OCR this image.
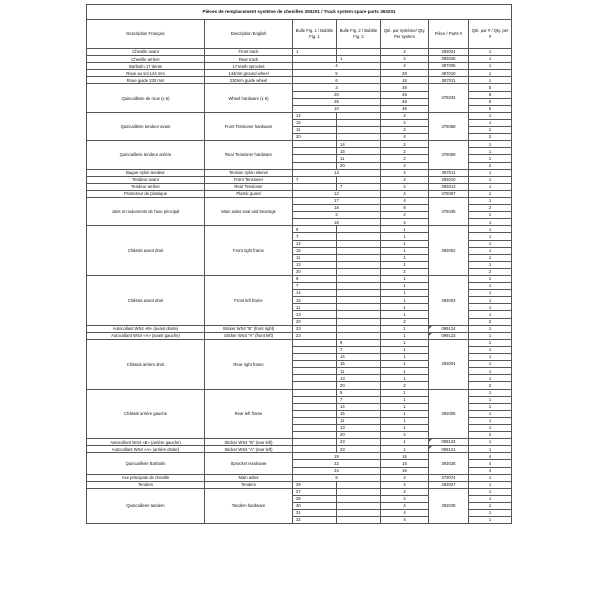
Pièces de remplacement système de chenilles 393201 / Track system spare parts 393201						
Description Français	Description English	Bulle Fig. 1 / Bubble Fig. 1	Bulle Fig. 2 / Bubble Fig. 2	Qté. par système/ Qty. Per system	Pièce / Parts #	Qté. par # / Qty. per #
Chenille avant	Front track	1		2	393024	1
Chenille arrière	Rear track		1	2	393025	1
Barbotin 17 dents	17 teeth sprocket	4		4	397006	1
Roue au sol 144 mm	144mm ground wheel	5		28	387010	1
Roue guide 230 mm	230mm guide wheel	6		16	387011	1
Quincaillerie de roue (x 5)	Wheel hardware (x 5)	3		48	375032	5
		20		48		5
		26		48		5
		10		48		5
Quincaillerie tendeur avant	Front Tensioner hardware	14		2	375068	1
		15		2		1
		11		2		1
		20		4		2
Quincaillerie tendeur arrière	Rear Tensioner hardware		14	2	375069	1
			15	2		1
			11	2		1
			20	4		2
Bague nylon tendeur	Tension nylon sleeve	13		4	397011	1
Tendeur avant	Front Tensioner	7		2	393010	1
Tendeur arrière	Rear Tensioner		7	2	393013	1
Protecteur de plastique	Plastic guard	12		4	375067	1
Joint et roulements de l'axe principal	Main axles seal and bearings	17		4	375035	1
		18		8		2
		2		4		1
		16		4		1
Châssis avant droit	Front right frame	9		1	393002	1
		7		1		1
		14		1		1
		15		1		1
		11		1		1
		13		1		1
		20		2		2
Châssis avant droit	Front left frame	9		1	393003	1
		7		1		1
		14		1		1
		15		1		1
		11		1		1
		13		1		1
		20		2		2
Autocollant WS4 «B» (avant droite)	Sticker WS4 "B" (front right)	23		1	099124	1
Autocollant WS4 «A» (avant gauche)	Sticker WS4 "A" (front left)	23		1	099123	1
Châssis arrière droit	Rear right frame		9	1	393004	1
			7	1		1
			14	1		1
			15	1		1
			11	1		1
			13	1		1
			20	2		2
Châssis arrière gauche	Rear left frame		9	1	393005	1
			7	1		1
			14	1		1
			15	1		1
			11	1		1
			13	1		1
			20	2		2
Autocollant WS4 «B» (arrière gauche)	Sticker WS4 "B" (rear left)		23	1	099122	1
Autocollant WS4 «A» (arrière droite)	Sticker WS4 "A" (rear left)		23	1	099121	1
Quincaillerie Barbotin	Sprocket Hardware	19		16	393026	4
		22		16		4
		24		16		4
Axe principale de chenille	Main axles	8		4	373074	1
Tendem	Tendem	29		4	393027	1
Quincaillerie tandem	Tendem hardware	27		2	393028	1
		28		2		1
		30		4		1
		31		4		1
		32		4		1
